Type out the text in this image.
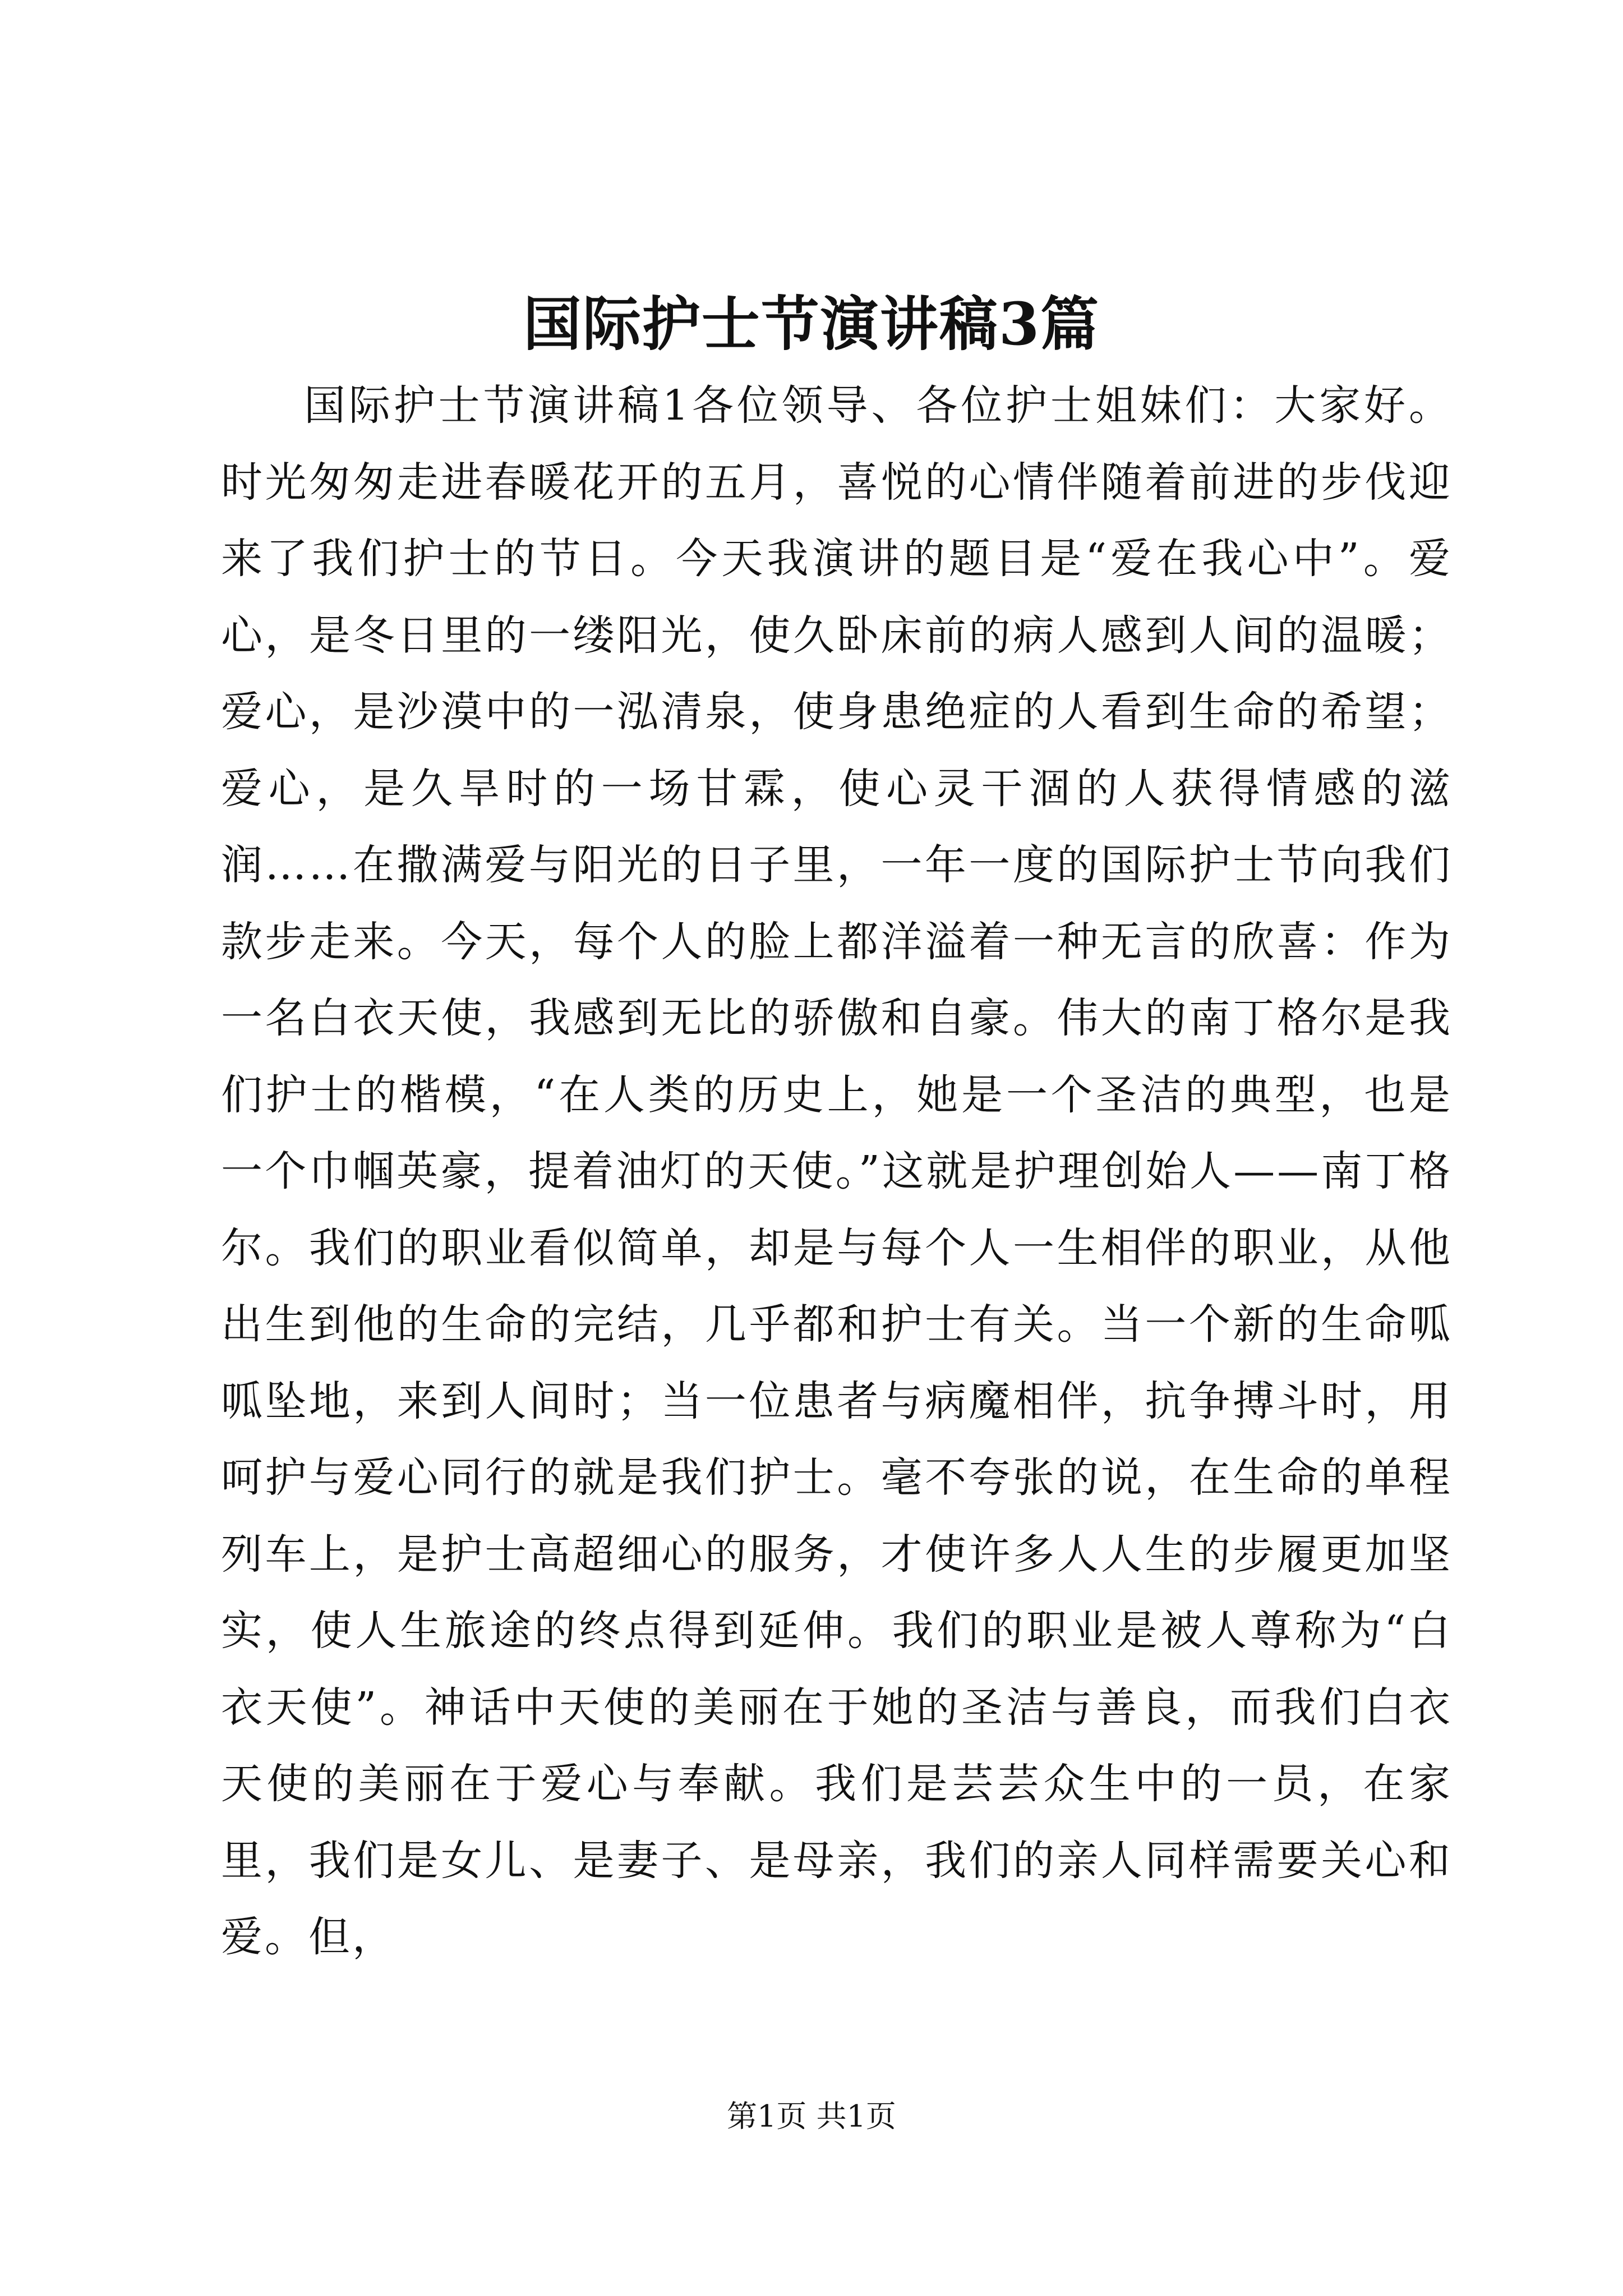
国际护士节演讲稿3篇

国际护士节演讲稿1各位领导、各位护士姐妹们：大家好。时光匆匆走进春暖花开的五月，喜悦的心情伴随着前进的步伐迎来了我们护士的节日。今天我演讲的题目是“爱在我心中”。爱心，是冬日里的一缕阳光，使久卧床前的病人感到人间的温暖；爱心，是沙漠中的一泓清泉，使身患绝症的人看到生命的希望；爱心，是久旱时的一场甘霖，使心灵干涸的人获得情感的滋润……在撒满爱与阳光的日子里，一年一度的国际护士节向我们款步走来。今天，每个人的脸上都洋溢着一种无言的欣喜：作为一名白衣天使，我感到无比的骄傲和自豪。伟大的南丁格尔是我们护士的楷模，“在人类的历史上，她是一个圣洁的典型，也是一个巾帼英豪，提着油灯的天使。”这就是护理创始人——南丁格尔。我们的职业看似简单，却是与每个人一生相伴的职业，从他出生到他的生命的完结，几乎都和护士有关。当一个新的生命呱呱坠地，来到人间时；当一位患者与病魔相伴，抗争搏斗时，用呵护与爱心同行的就是我们护士。毫不夸张的说，在生命的单程列车上，是护士高超细心的服务，才使许多人人生的步履更加坚实，使人生旅途的终点得到延伸。我们的职业是被人尊称为“白衣天使”。神话中天使的美丽在于她的圣洁与善良，而我们白衣天使的美丽在于爱心与奉献。我们是芸芸众生中的一员，在家里，我们是女儿、是妻子、是母亲，我们的亲人同样需要关心和爱。但，

第1页 共1页
